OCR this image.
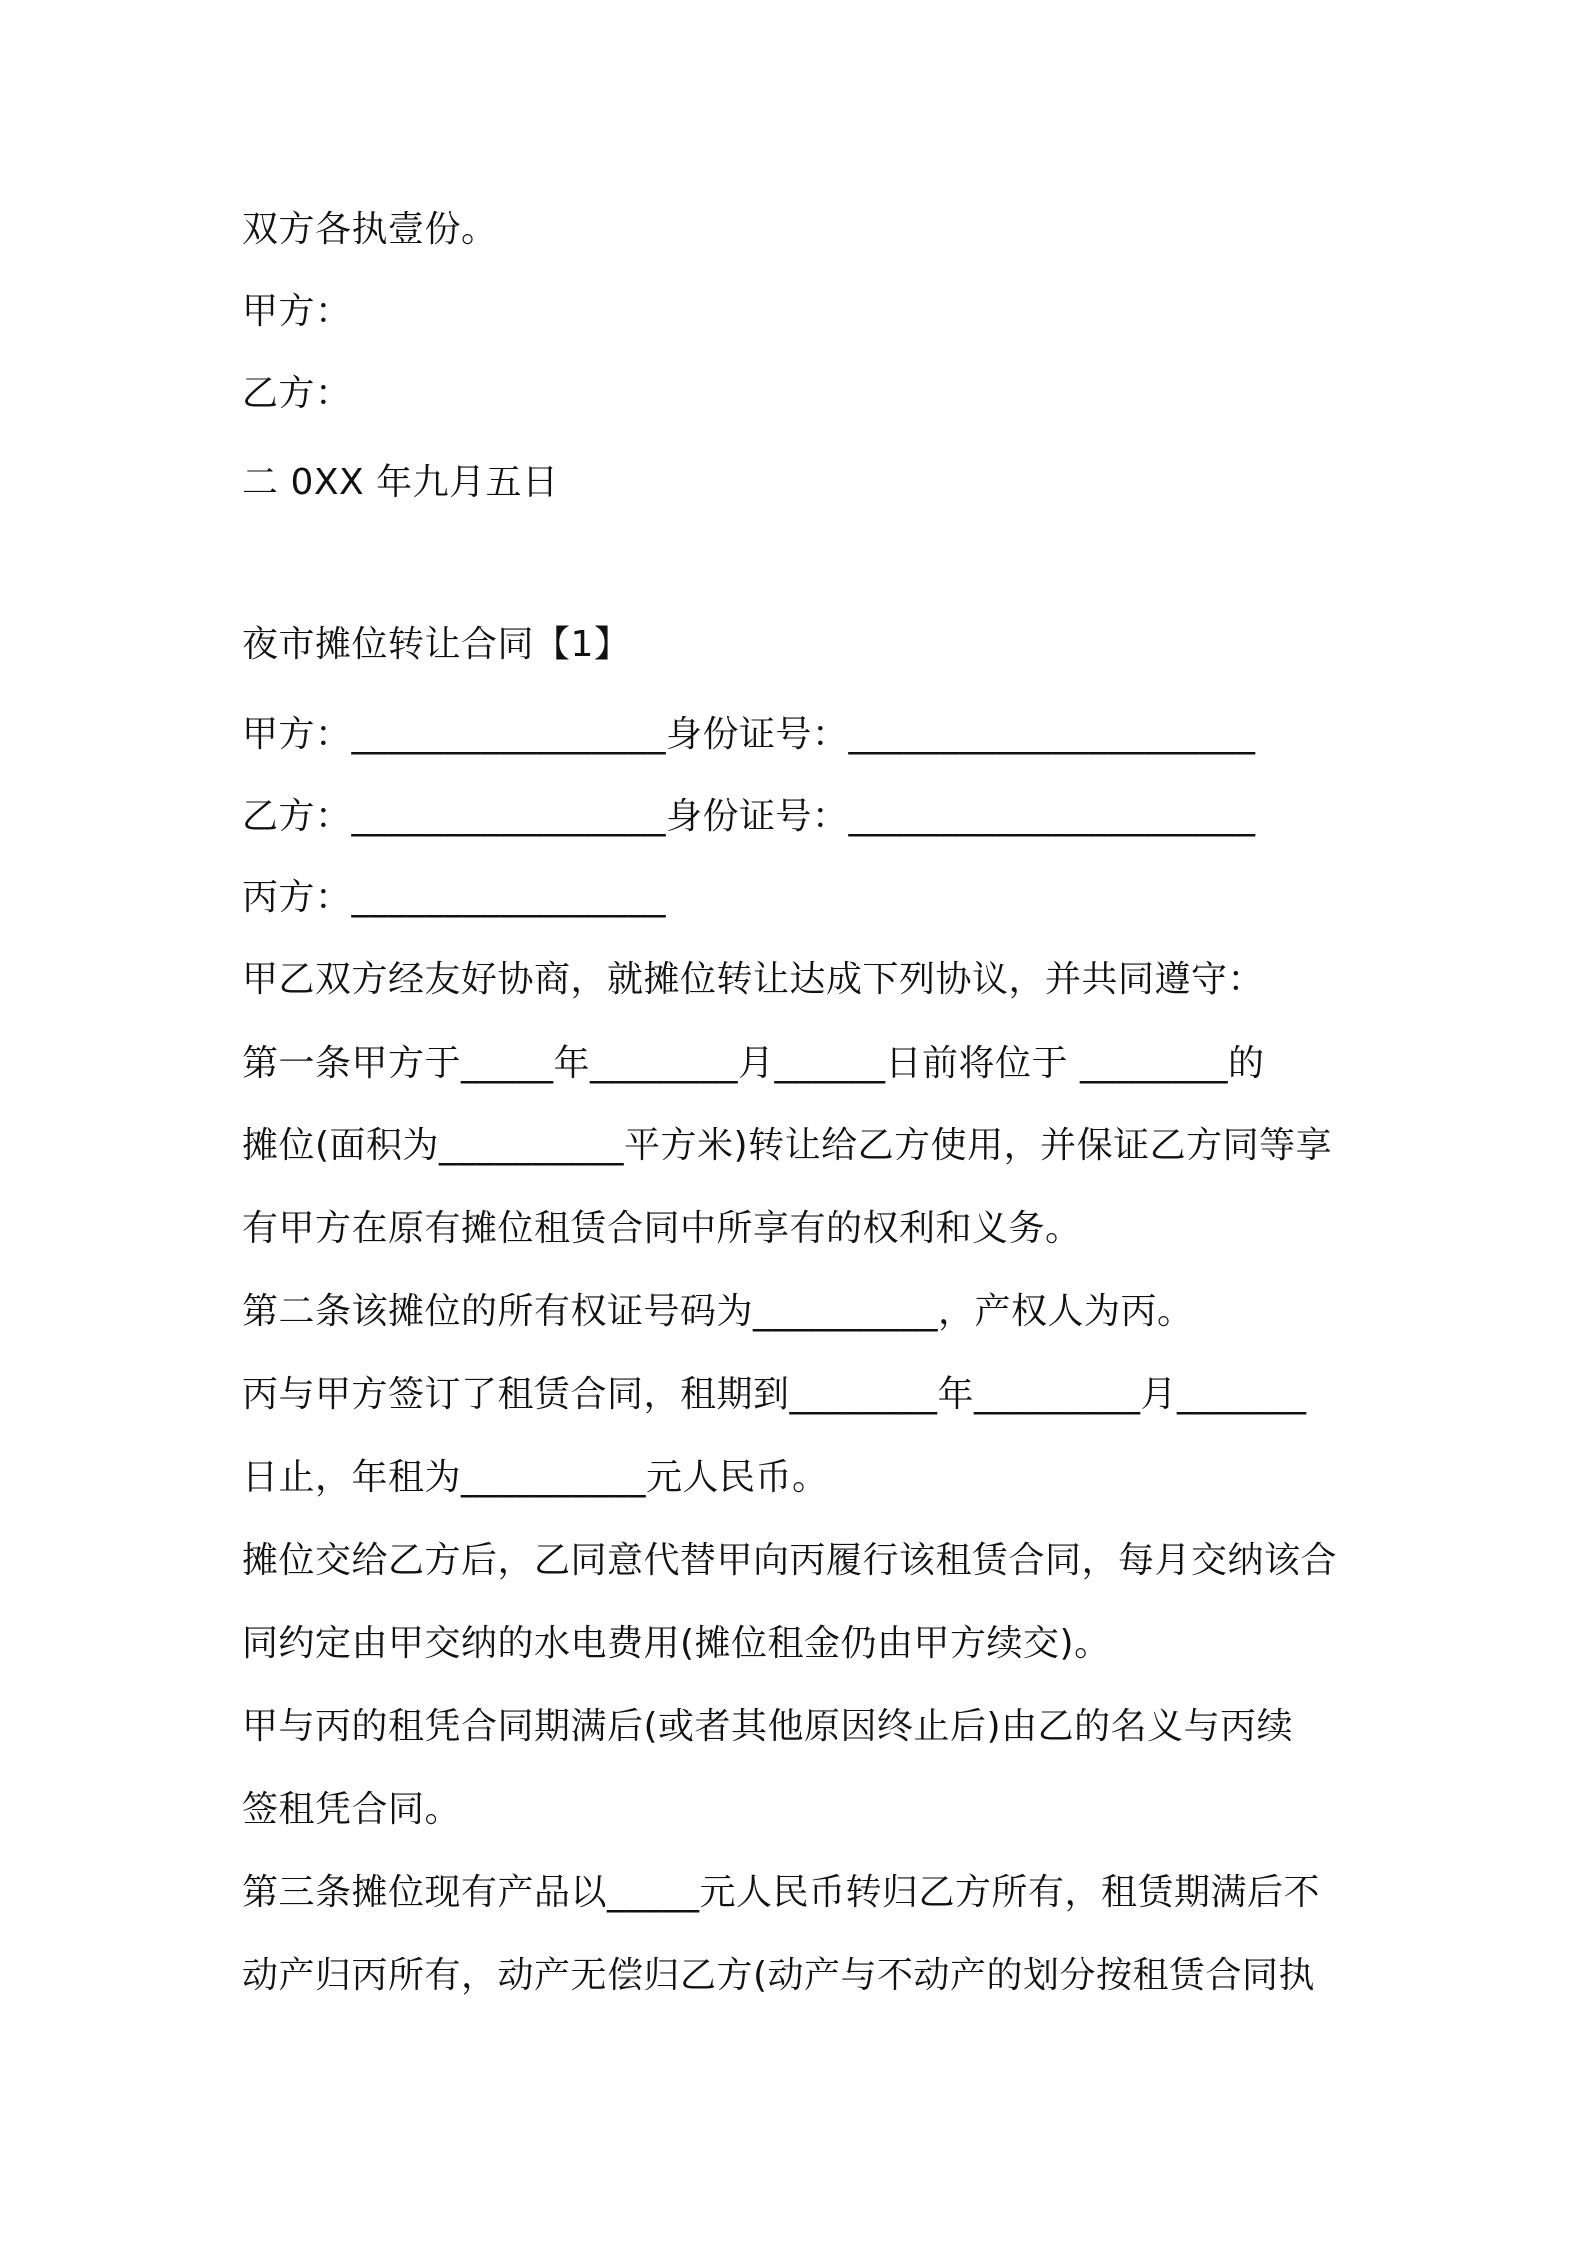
双方各执壹份。

甲方：

乙方：

二 0XX 年九月五日

夜市摊位转让合同【1】

甲方：_________________身份证号：______________________

乙方：_________________身份证号：______________________

丙方：_________________

甲乙双方经友好协商，就摊位转让达成下列协议，并共同遵守：

第一条甲方于_____年________月______日前将位于 ________的

摊位(面积为__________平方米)转让给乙方使用，并保证乙方同等享

有甲方在原有摊位租赁合同中所享有的权利和义务。

第二条该摊位的所有权证号码为__________，产权人为丙。

丙与甲方签订了租赁合同，租期到________年_________月_______

日止，年租为__________元人民币。

摊位交给乙方后，乙同意代替甲向丙履行该租赁合同，每月交纳该合

同约定由甲交纳的水电费用(摊位租金仍由甲方续交)。

甲与丙的租凭合同期满后(或者其他原因终止后)由乙的名义与丙续

签租凭合同。

第三条摊位现有产品以_____元人民币转归乙方所有，租赁期满后不

动产归丙所有，动产无偿归乙方(动产与不动产的划分按租赁合同执
